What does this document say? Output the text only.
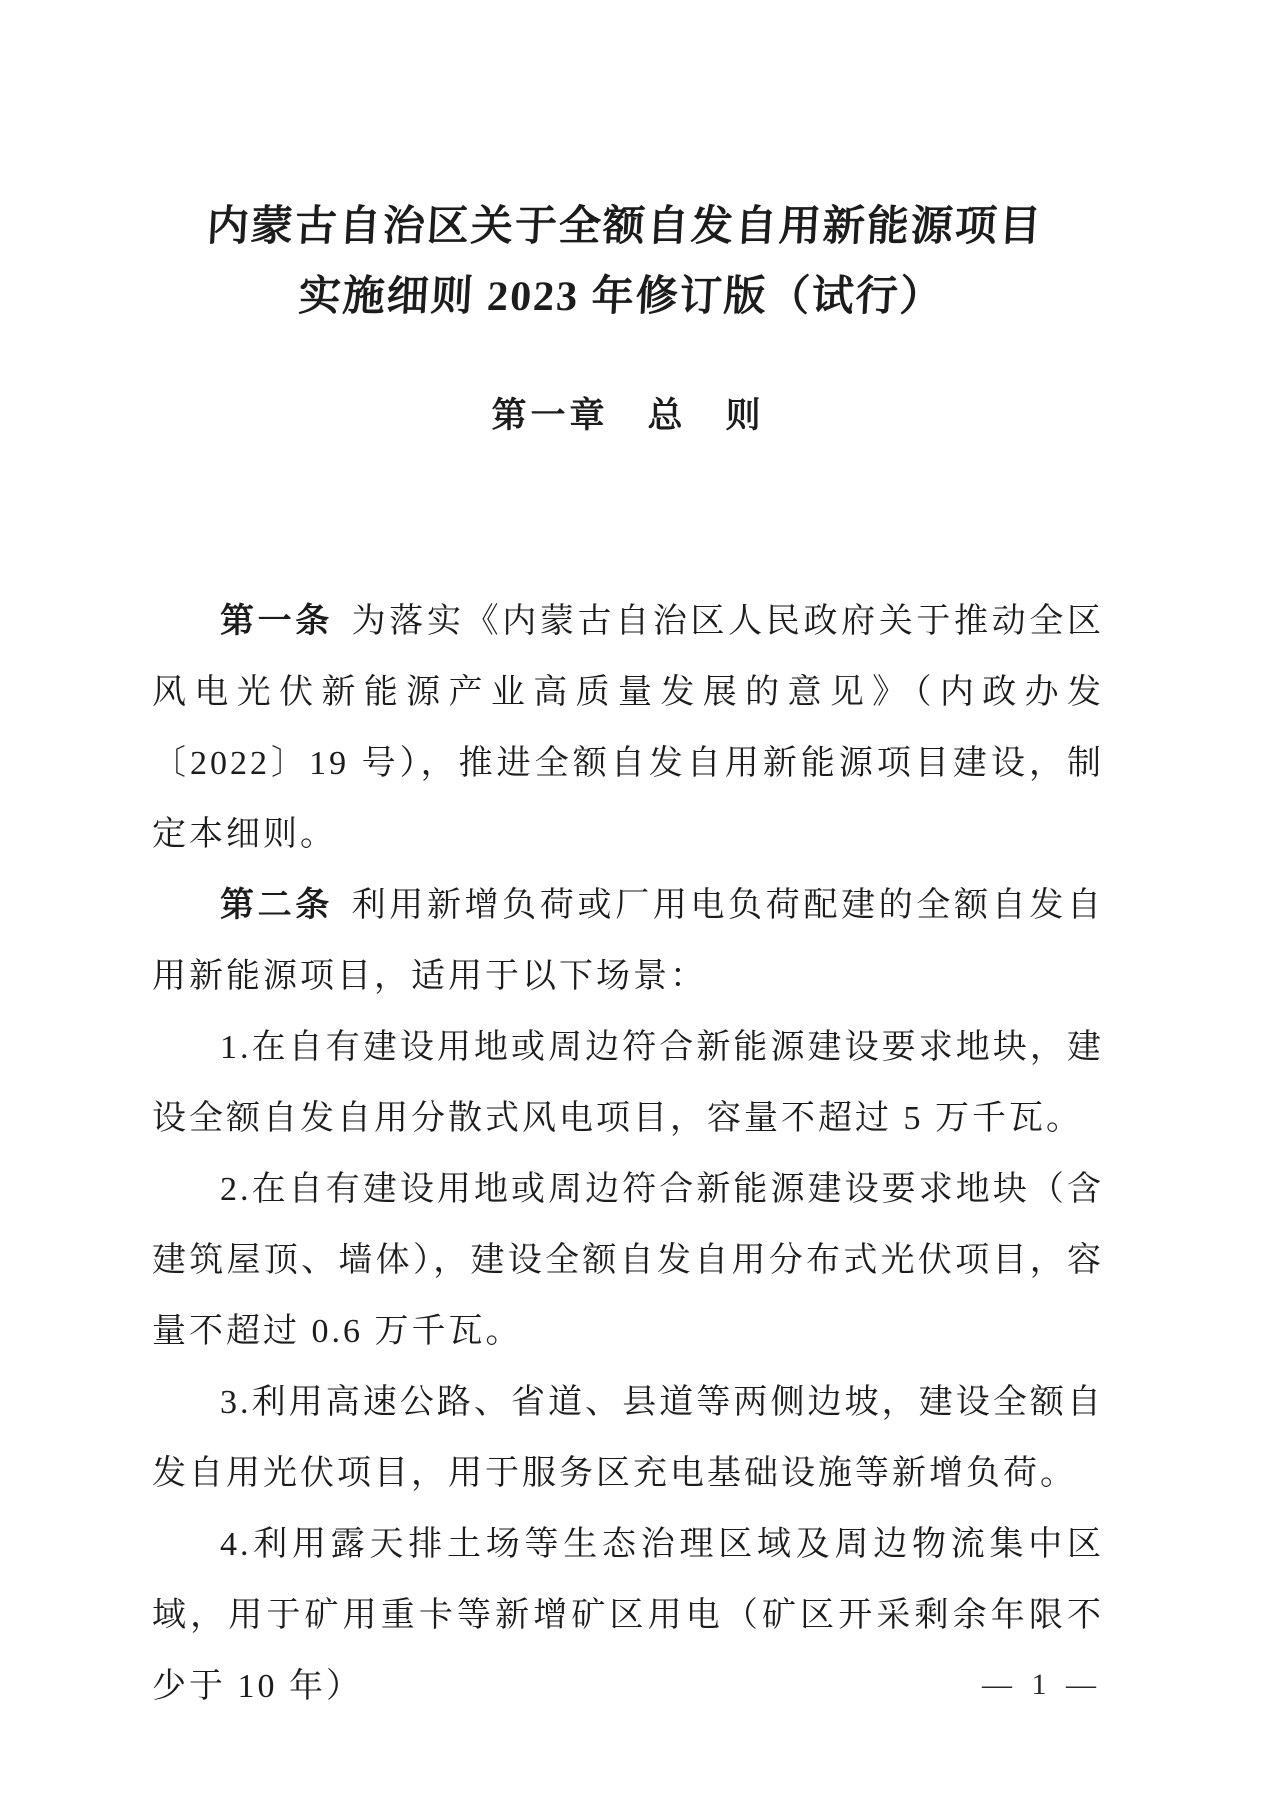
内蒙古自治区关于全额自发自用新能源项目
实施细则 2023 年修订版（试行）
第一章　总　则

第一条 为落实《内蒙古自治区人民政府关于推动全区风电光伏新能源产业高质量发展的意见》（内政办发〔2022〕19 号），推进全额自发自用新能源项目建设，制定本细则。

第二条 利用新增负荷或厂用电负荷配建的全额自发自用新能源项目，适用于以下场景：

1.在自有建设用地或周边符合新能源建设要求地块，建设全额自发自用分散式风电项目，容量不超过 5 万千瓦。

2.在自有建设用地或周边符合新能源建设要求地块（含建筑屋顶、墙体），建设全额自发自用分布式光伏项目，容量不超过 0.6 万千瓦。

3.利用高速公路、省道、县道等两侧边坡，建设全额自发自用光伏项目，用于服务区充电基础设施等新增负荷。

4.利用露天排土场等生态治理区域及周边物流集中区域，用于矿用重卡等新增矿区用电（矿区开采剩余年限不少于 10 年）	— 1 —
